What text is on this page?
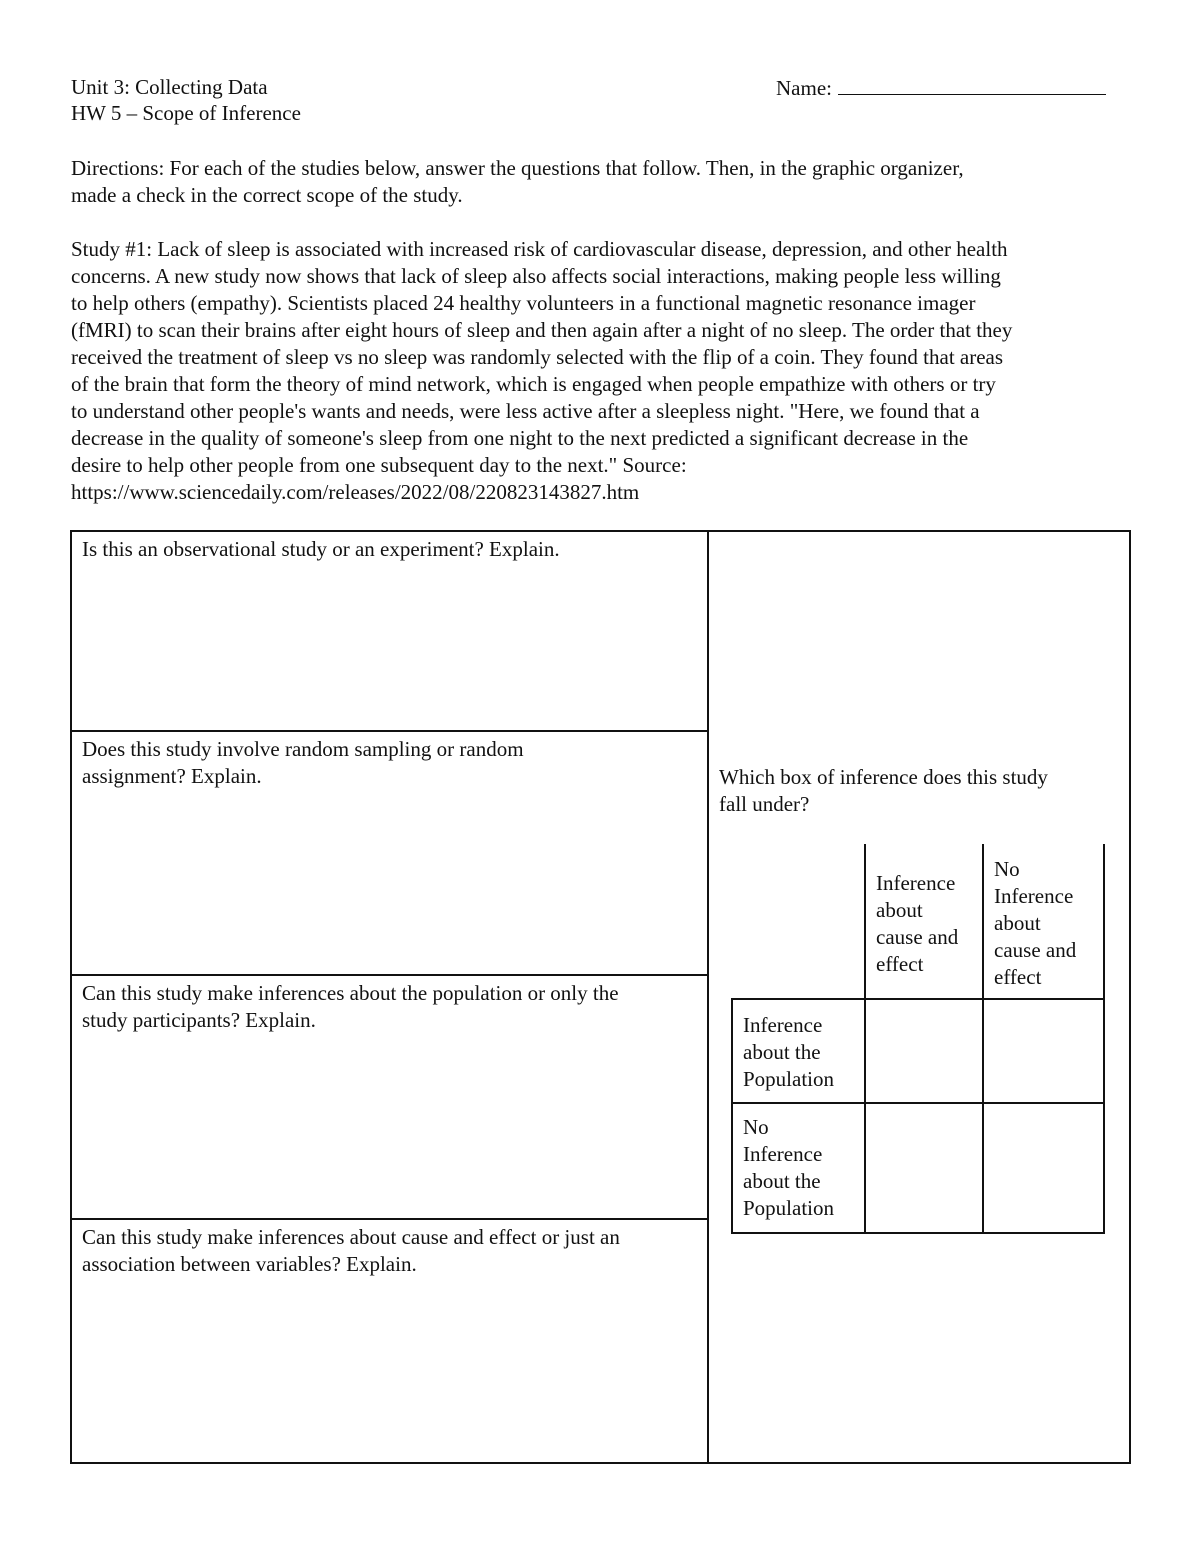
Unit 3: Collecting Data
HW 5 – Scope of Inference
Name:
Directions: For each of the studies below, answer the questions that follow. Then, in the graphic organizer,
made a check in the correct scope of the study.
Study #1: Lack of sleep is associated with increased risk of cardiovascular disease, depression, and other health
concerns. A new study now shows that lack of sleep also affects social interactions, making people less willing
to help others (empathy). Scientists placed 24 healthy volunteers in a functional magnetic resonance imager
(fMRI) to scan their brains after eight hours of sleep and then again after a night of no sleep. The order that they
received the treatment of sleep vs no sleep was randomly selected with the flip of a coin. They found that areas
of the brain that form the theory of mind network, which is engaged when people empathize with others or try
to understand other people's wants and needs, were less active after a sleepless night. "Here, we found that a
decrease in the quality of someone's sleep from one night to the next predicted a significant decrease in the
desire to help other people from one subsequent day to the next." Source:
https://www.sciencedaily.com/releases/2022/08/220823143827.htm
Is this an observational study or an experiment? Explain.
Does this study involve random sampling or random
assignment? Explain.
Can this study make inferences about the population or only the
study participants? Explain.
Can this study make inferences about cause and effect or just an
association between variables? Explain.
Which box of inference does this study
fall under?
Inference
about
cause and
effect
No
Inference
about
cause and
effect
Inference
about the
Population
No
Inference
about the
Population
